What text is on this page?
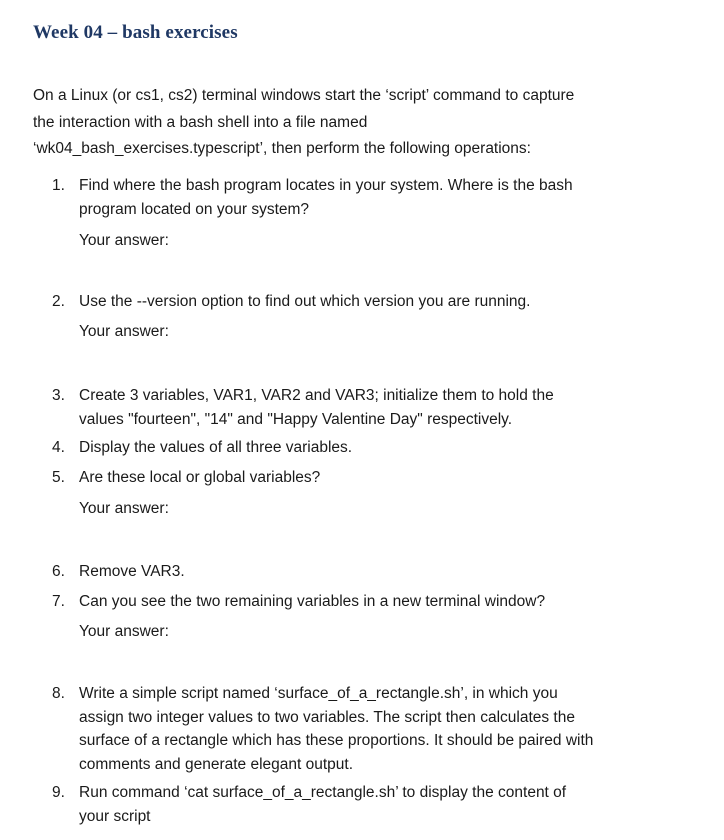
Week 04 – bash exercises
On a Linux (or cs1, cs2) terminal windows start the ‘script’ command to capture
the interaction with a bash shell into a file named
‘wk04_bash_exercises.typescript’, then perform the following operations:
1. Find where the bash program locates in your system. Where is the bash
program located on your system?
Your answer:
2. Use the --version option to find out which version you are running.
Your answer:
3. Create 3 variables, VAR1, VAR2 and VAR3; initialize them to hold the
values "fourteen", "14" and "Happy Valentine Day" respectively.
4. Display the values of all three variables.
5. Are these local or global variables?
Your answer:
6. Remove VAR3.
7. Can you see the two remaining variables in a new terminal window?
Your answer:
8. Write a simple script named ‘surface_of_a_rectangle.sh’, in which you
assign two integer values to two variables. The script then calculates the
surface of a rectangle which has these proportions. It should be paired with
comments and generate elegant output.
9. Run command ‘cat surface_of_a_rectangle.sh’ to display the content of
your script
